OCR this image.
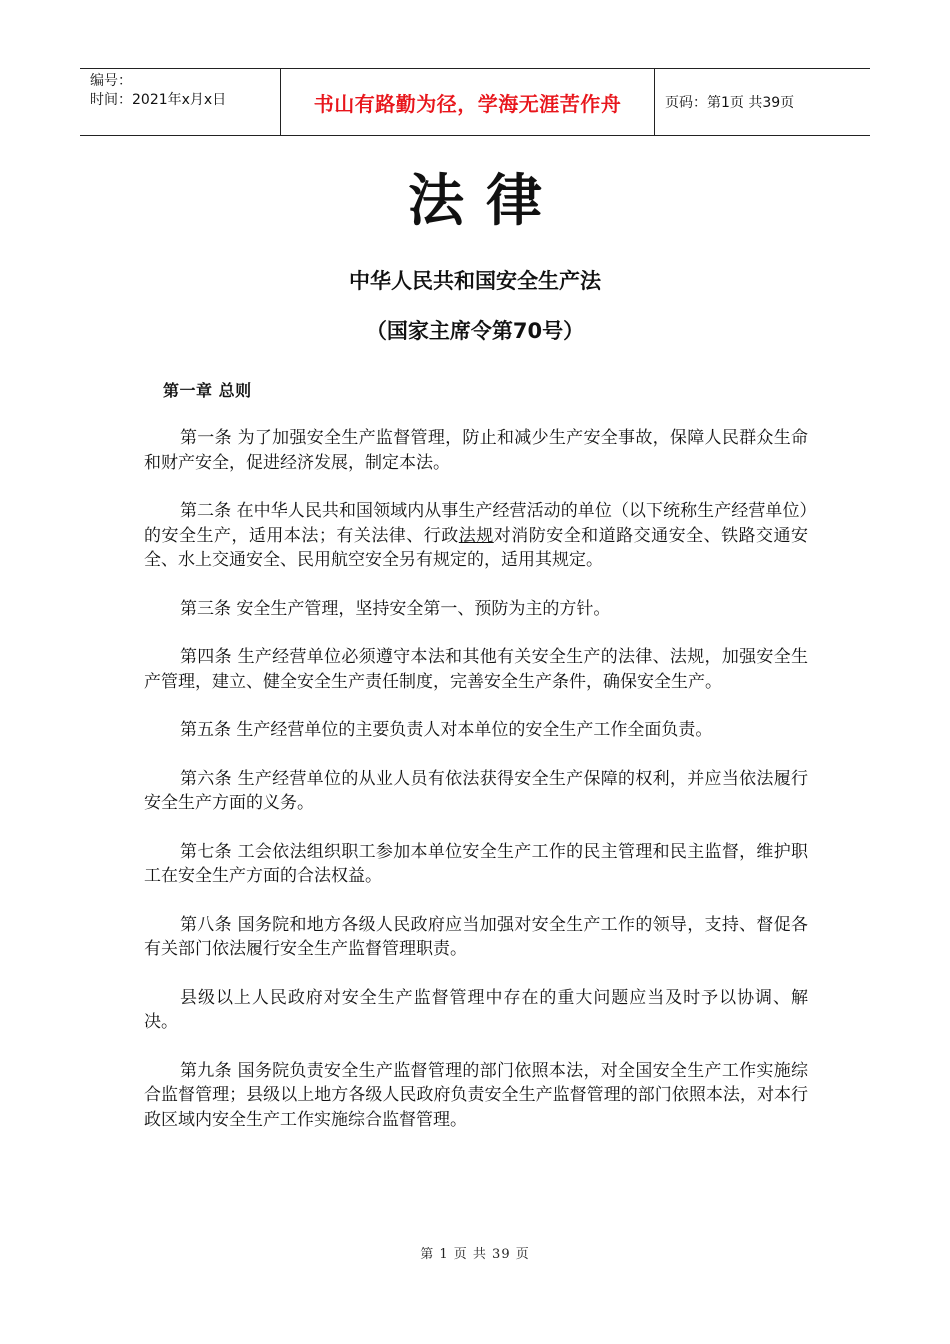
编号：
时间：2021年x月x日	书山有路勤为径，学海无涯苦作舟	页码：第1页 共39页
法律
中华人民共和国安全生产法
（国家主席令第70号）
第一章 总则

第一条 为了加强安全生产监督管理，防止和减少生产安全事故，保障人民群众生命和财产安全，促进经济发展，制定本法。

第二条 在中华人民共和国领域内从事生产经营活动的单位（以下统称生产经营单位）的安全生产，适用本法；有关法律、行政法规对消防安全和道路交通安全、铁路交通安全、水上交通安全、民用航空安全另有规定的，适用其规定。

第三条 安全生产管理，坚持安全第一、预防为主的方针。

第四条 生产经营单位必须遵守本法和其他有关安全生产的法律、法规，加强安全生产管理，建立、健全安全生产责任制度，完善安全生产条件，确保安全生产。

第五条 生产经营单位的主要负责人对本单位的安全生产工作全面负责。

第六条 生产经营单位的从业人员有依法获得安全生产保障的权利，并应当依法履行安全生产方面的义务。

第七条 工会依法组织职工参加本单位安全生产工作的民主管理和民主监督，维护职工在安全生产方面的合法权益。

第八条 国务院和地方各级人民政府应当加强对安全生产工作的领导，支持、督促各有关部门依法履行安全生产监督管理职责。

县级以上人民政府对安全生产监督管理中存在的重大问题应当及时予以协调、解决。

第九条 国务院负责安全生产监督管理的部门依照本法，对全国安全生产工作实施综合监督管理；县级以上地方各级人民政府负责安全生产监督管理的部门依照本法，对本行政区域内安全生产工作实施综合监督管理。

第 1 页 共 39 页
